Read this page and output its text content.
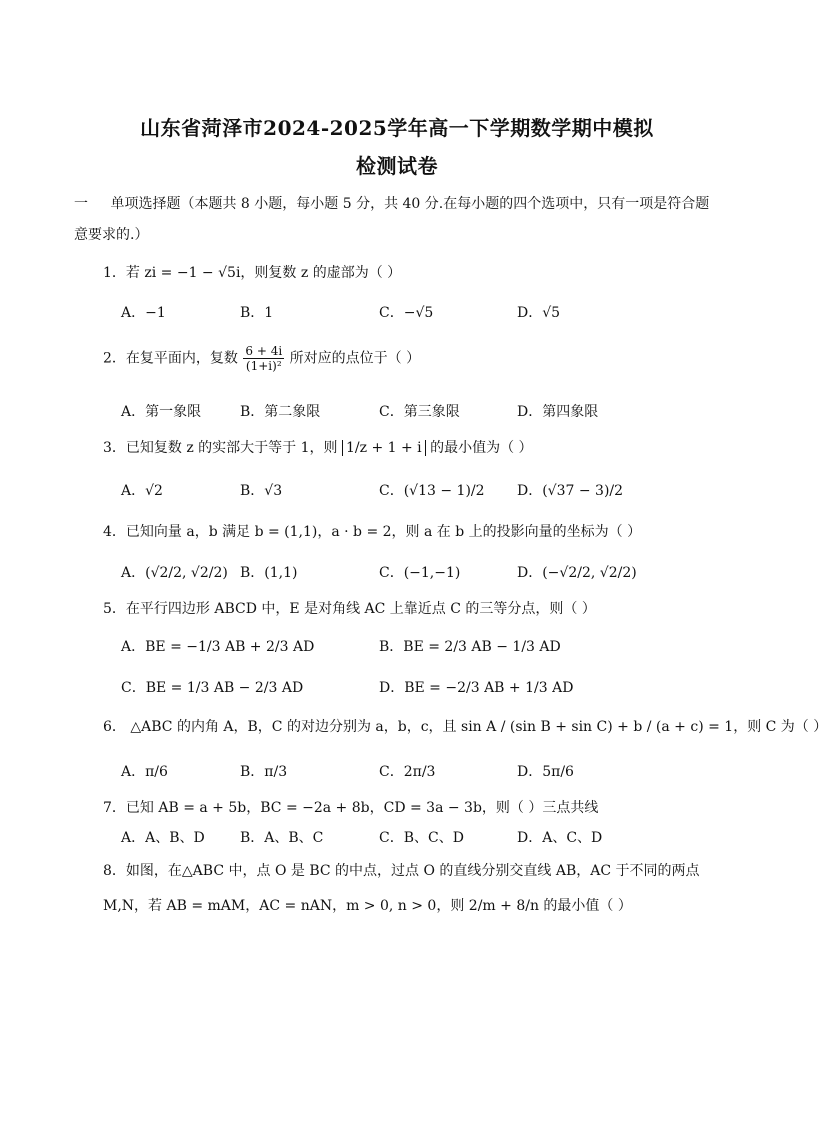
山东省菏泽市2024-2025学年高一下学期数学期中模拟
检测试卷
一 单项选择题（本题共 8 小题，每小题 5 分，共 40 分.在每小题的四个选项中，只有一项是符合题
意要求的.）
1．若 zi = −1 − √5i，则复数 z 的虚部为（ ）
A．−1	B．1	C．−√5	D．√5
2．在复平面内，复数 $\frac{6 + 4i}{\text{(1+i)²}}$ 所对应的点位于（ ）
A．第一象限	B．第二象限	C．第三象限	D．第四象限
3．已知复数 z 的实部大于等于 1，则 1/z + 1 + i 的最小值为（ ）
A．√2	B．√3	C．(√13 − 1)/2 D．(√37 − 3)/2
4．已知向量 a，b 满足 b = (1,1)，a · b = 2，则 a 在 b 上的投影向量的坐标为（ ）
A．(√2/2, √2/2) B．(1,1)	C．(−1,−1)	D．(−√2/2, √2/2)
5．在平行四边形 ABCD 中，E 是对角线 AC 上靠近点 C 的三等分点，则（ ）
A．BE = −1/3 AB + 2/3 AD	B．BE = 2/3 AB − 1/3 AD
C．BE = 1/3 AB − 2/3 AD	D．BE = −2/3 AB + 1/3 AD
6． △ABC 的内角 A，B，C 的对边分别为 a，b，c，且 sin A / (sin B + sin C) + b / (a + c) = 1，则 C 为（ ）
A．π/6	B．π/3	C．2π/3	D．5π/6
7．已知 AB = a + 5b，BC = −2a + 8b，CD = 3a − 3b，则（ ）三点共线
A．A、B、D	B．A、B、C	C．B、C、D	D．A、C、D
8．如图，在△ABC 中，点 O 是 BC 的中点，过点 O 的直线分别交直线 AB，AC 于不同的两点
M,N，若 AB = mAM，AC = nAN，m > 0, n > 0，则 2/m + 8/n 的最小值（ ）
